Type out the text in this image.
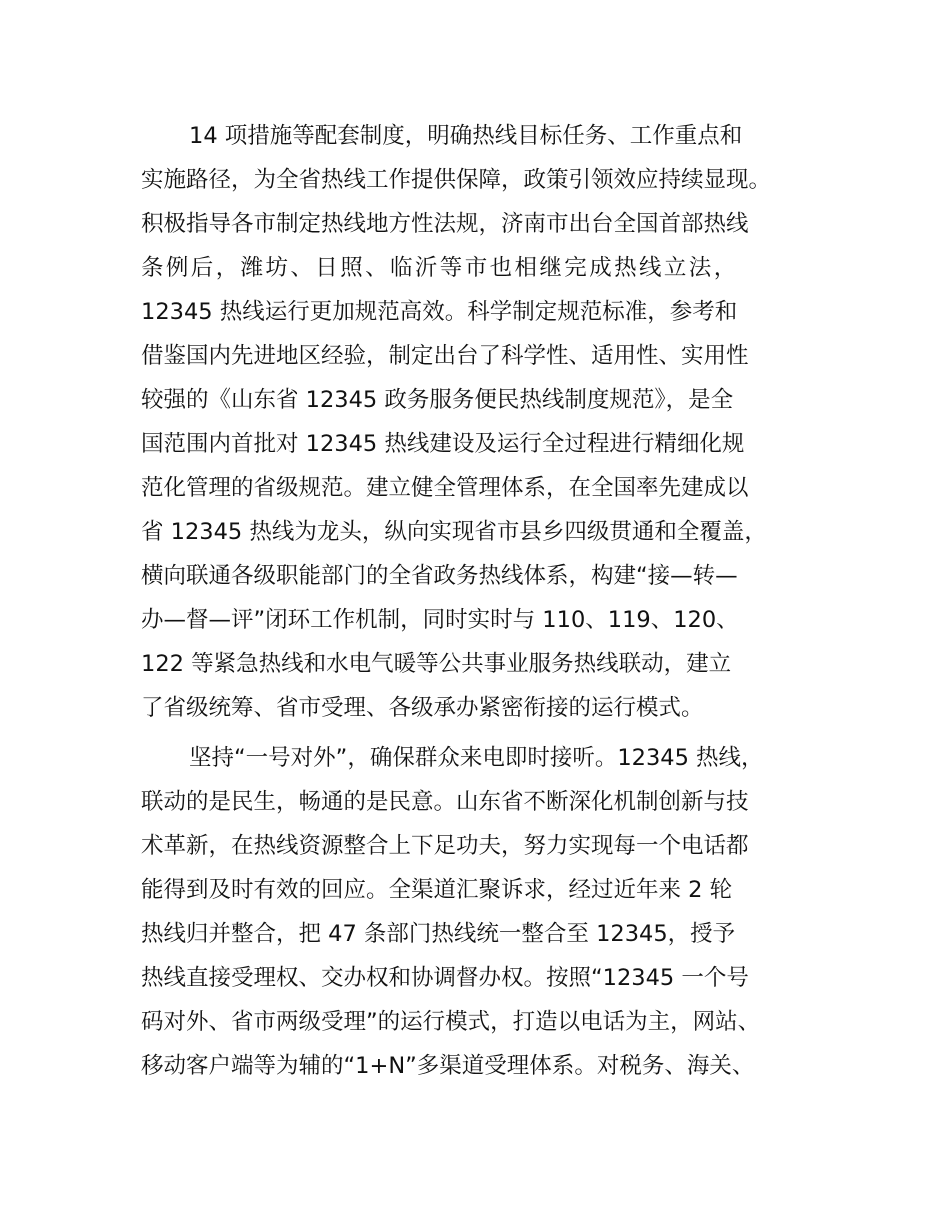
14 项措施等配套制度，明确热线目标任务、工作重点和
实施路径，为全省热线工作提供保障，政策引领效应持续显现。
积极指导各市制定热线地方性法规，济南市出台全国首部热线
条例后，潍坊、日照、临沂等市也相继完成热线立法，
12345 热线运行更加规范高效。科学制定规范标准，参考和
借鉴国内先进地区经验，制定出台了科学性、适用性、实用性
较强的《山东省 12345 政务服务便民热线制度规范》，是全
国范围内首批对 12345 热线建设及运行全过程进行精细化规
范化管理的省级规范。建立健全管理体系，在全国率先建成以
省 12345 热线为龙头，纵向实现省市县乡四级贯通和全覆盖，
横向联通各级职能部门的全省政务热线体系，构建“接—转—
办—督—评”闭环工作机制，同时实时与 110、119、120、
122 等紧急热线和水电气暖等公共事业服务热线联动，建立
了省级统筹、省市受理、各级承办紧密衔接的运行模式。
坚持“一号对外”，确保群众来电即时接听。12345 热线，
联动的是民生，畅通的是民意。山东省不断深化机制创新与技
术革新，在热线资源整合上下足功夫，努力实现每一个电话都
能得到及时有效的回应。全渠道汇聚诉求，经过近年来 2 轮
热线归并整合，把 47 条部门热线统一整合至 12345，授予
热线直接受理权、交办权和协调督办权。按照“12345 一个号
码对外、省市两级受理”的运行模式，打造以电话为主，网站、
移动客户端等为辅的“1+N”多渠道受理体系。对税务、海关、
